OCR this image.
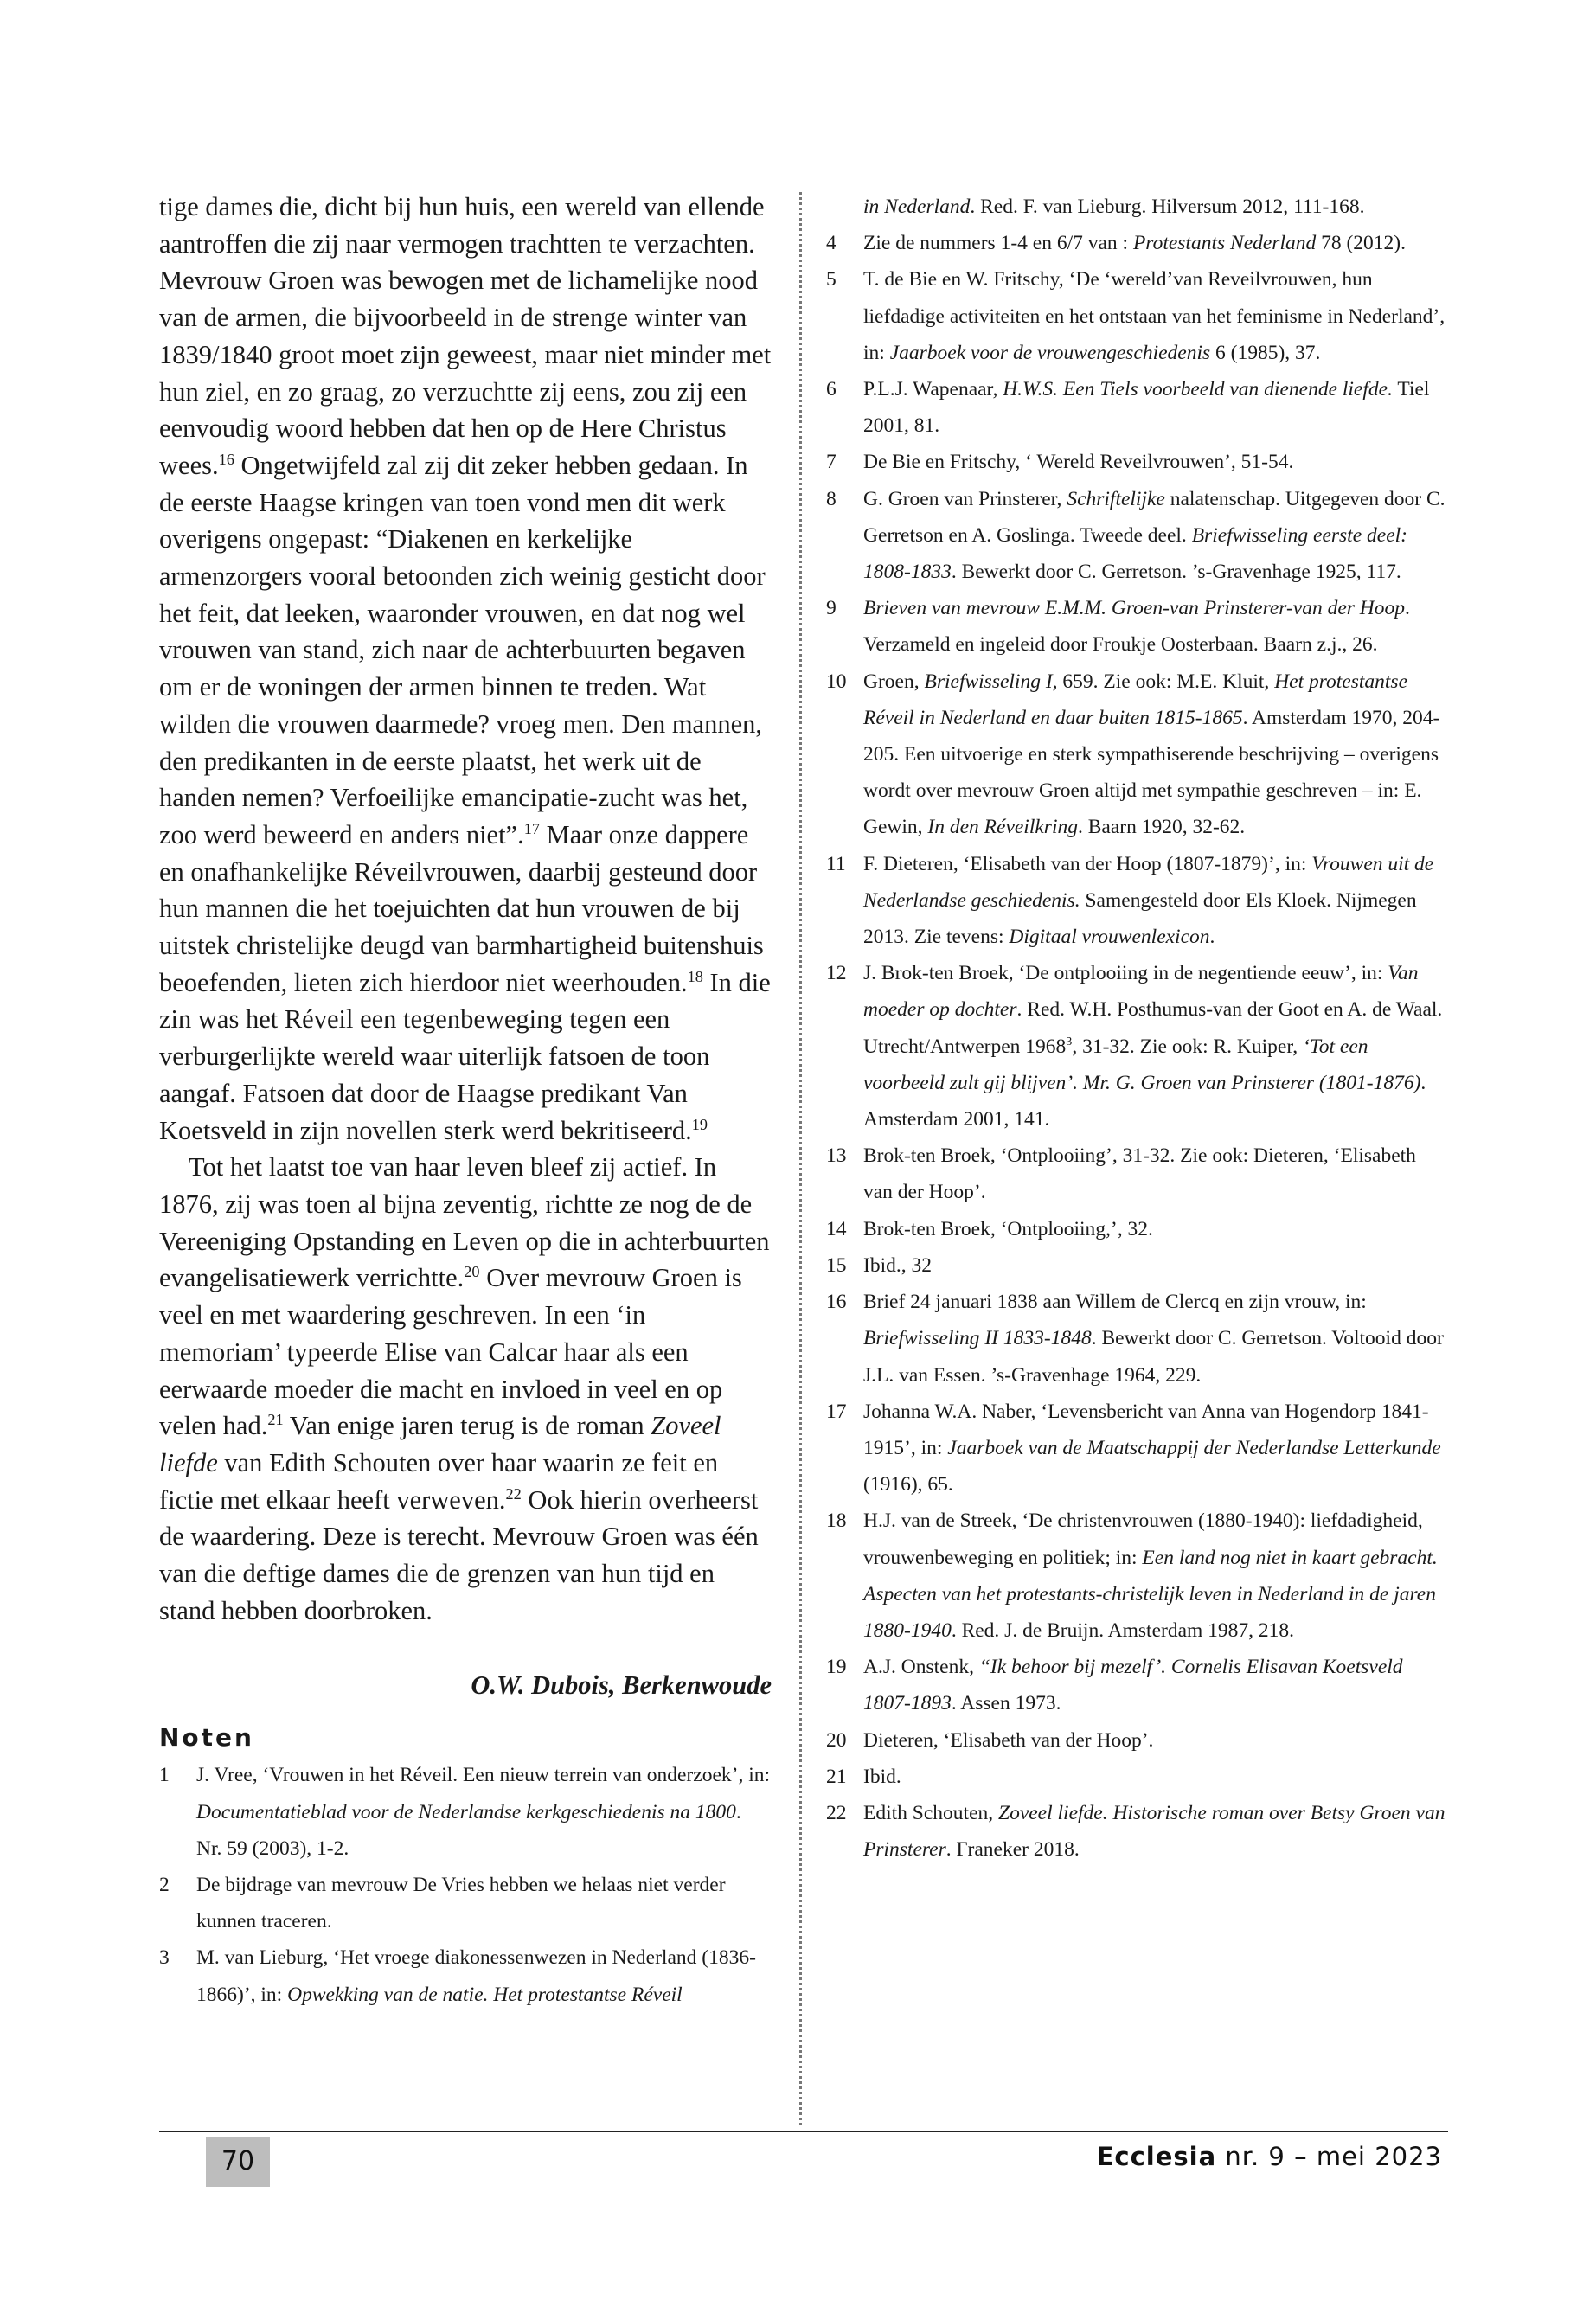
tige dames die, dicht bij hun huis, een wereld van ellende aantroffen die zij naar vermogen trachtten te verzachten. Mevrouw Groen was bewogen met de lichamelijke nood van de armen, die bijvoorbeeld in de strenge winter van 1839/1840 groot moet zijn geweest, maar niet minder met hun ziel, en zo graag, zo verzuchtte zij eens, zou zij een eenvoudig woord hebben dat hen op de Here Christus wees.$^{16}$ Ongetwijfeld zal zij dit zeker hebben gedaan. In de eerste Haagse kringen van toen vond men dit werk overigens ongepast: “Diakenen en kerkelijke armenzorgers vooral betoonden zich weinig gesticht door het feit, dat leeken, waaronder vrouwen, en dat nog wel vrouwen van stand, zich naar de achterbuurten begaven om er de woningen der armen binnen te treden. Wat wilden die vrouwen daarmede? vroeg men. Den mannen, den predikanten in de eerste plaatst, het werk uit de handen nemen? Verfoeilijke emancipatie-zucht was het, zoo werd beweerd en anders niet”.$^{17}$ Maar onze dappere en onafhankelijke Réveilvrouwen, daarbij gesteund door hun mannen die het toejuichten dat hun vrouwen de bij uitstek christelijke deugd van barmhartigheid buitenshuis beoefenden, lieten zich hierdoor niet weerhouden.$^{18}$ In die zin was het Réveil een tegenbeweging tegen een verburgerlijkte wereld waar uiterlijk fatsoen de toon aangaf. Fatsoen dat door de Haagse predikant Van Koetsveld in zijn novellen sterk werd bekritiseerd.$^{19}$

Tot het laatst toe van haar leven bleef zij actief. In 1876, zij was toen al bijna zeventig, richtte ze nog de de Vereeniging Opstanding en Leven op die in achterbuurten evangelisatiewerk verrichtte.$^{20}$ Over mevrouw Groen is veel en met waardering geschreven. In een ‘in memoriam’ typeerde Elise van Calcar haar als een eerwaarde moeder die macht en invloed in veel en op velen had.$^{21}$ Van enige jaren terug is de roman Zoveel liefde van Edith Schouten over haar waarin ze feit en fictie met elkaar heeft verweven.$^{22}$ Ook hierin overheerst de waardering. Deze is terecht. Mevrouw Groen was één van die deftige dames die de grenzen van hun tijd en stand hebben doorbroken.

O.W. Dubois, Berkenwoude

Noten
1	J. Vree, ‘Vrouwen in het Réveil. Een nieuw terrein van onderzoek’, in: Documentatieblad voor de Nederlandse kerkgeschiedenis na 1800. Nr. 59 (2003), 1-2.
2	De bijdrage van mevrouw De Vries hebben we helaas niet verder kunnen traceren.
3	M. van Lieburg, ‘Het vroege diakonessenwezen in Nederland (1836-1866)’, in: Opwekking van de natie. Het protestantse Réveil
in Nederland. Red. F. van Lieburg. Hilversum 2012, 111-168.
4	Zie de nummers 1-4 en 6/7 van : Protestants Nederland 78 (2012).
5	T. de Bie en W. Fritschy, ‘De ‘wereld’van Reveilvrouwen, hun liefdadige activiteiten en het ontstaan van het feminisme in Nederland’, in: Jaarboek voor de vrouwengeschiedenis 6 (1985), 37.
6	P.L.J. Wapenaar, H.W.S. Een Tiels voorbeeld van dienende liefde. Tiel 2001, 81.
7	De Bie en Fritschy, ‘ Wereld Reveilvrouwen’, 51-54.
8	G. Groen van Prinsterer, Schriftelijke nalatenschap. Uitgegeven door C. Gerretson en A. Goslinga. Tweede deel. Briefwisseling eerste deel: 1808-1833. Bewerkt door C. Gerretson. ’s-Gravenhage 1925, 117.
9	Brieven van mevrouw E.M.M. Groen-van Prinsterer-van der Hoop. Verzameld en ingeleid door Froukje Oosterbaan. Baarn z.j., 26.
10 Groen, Briefwisseling I, 659. Zie ook: M.E. Kluit, Het protestantse Réveil in Nederland en daar buiten 1815-1865. Amsterdam 1970, 204-205. Een uitvoerige en sterk sympathiserende beschrijving – overigens wordt over mevrouw Groen altijd met sympathie geschreven – in: E. Gewin, In den Réveilkring. Baarn 1920, 32-62.
11 F. Dieteren, ‘Elisabeth van der Hoop (1807-1879)’, in: Vrouwen uit de Nederlandse geschiedenis. Samengesteld door Els Kloek. Nijmegen 2013. Zie tevens: Digitaal vrouwenlexicon.
12 J. Brok-ten Broek, ‘De ontplooiing in de negentiende eeuw’, in: Van moeder op dochter. Red. W.H. Posthumus-van der Goot en A. de Waal. Utrecht/Antwerpen 1968$^3$, 31-32. Zie ook: R. Kuiper, ‘Tot een voorbeeld zult gij blijven’. Mr. G. Groen van Prinsterer (1801-1876). Amsterdam 2001, 141.
13 Brok-ten Broek, ‘Ontplooiing’, 31-32. Zie ook: Dieteren, ‘Elisabeth van der Hoop’.
14 Brok-ten Broek, ‘Ontplooiing,’, 32.
15 Ibid., 32
16 Brief 24 januari 1838 aan Willem de Clercq en zijn vrouw, in: Briefwisseling II 1833-1848. Bewerkt door C. Gerretson. Voltooid door J.L. van Essen. ’s-Gravenhage 1964, 229.
17 Johanna W.A. Naber, ‘Levensbericht van Anna van Hogendorp 1841-1915’, in: Jaarboek van de Maatschappij der Nederlandse Letterkunde (1916), 65.
18 H.J. van de Streek, ‘De christenvrouwen (1880-1940): liefdadigheid, vrouwenbeweging en politiek; in: Een land nog niet in kaart gebracht. Aspecten van het protestants-christelijk leven in Nederland in de jaren 1880-1940. Red. J. de Bruijn. Amsterdam 1987, 218.
19 A.J. Onstenk, “Ik behoor bij mezelf’. Cornelis Elisavan Koetsveld 1807-1893. Assen 1973.
20 Dieteren, ‘Elisabeth van der Hoop’.
21 Ibid.
22 Edith Schouten, Zoveel liefde. Historische roman over Betsy Groen van Prinsterer. Franeker 2018.
70	Ecclesia nr. 9 – mei 2023
